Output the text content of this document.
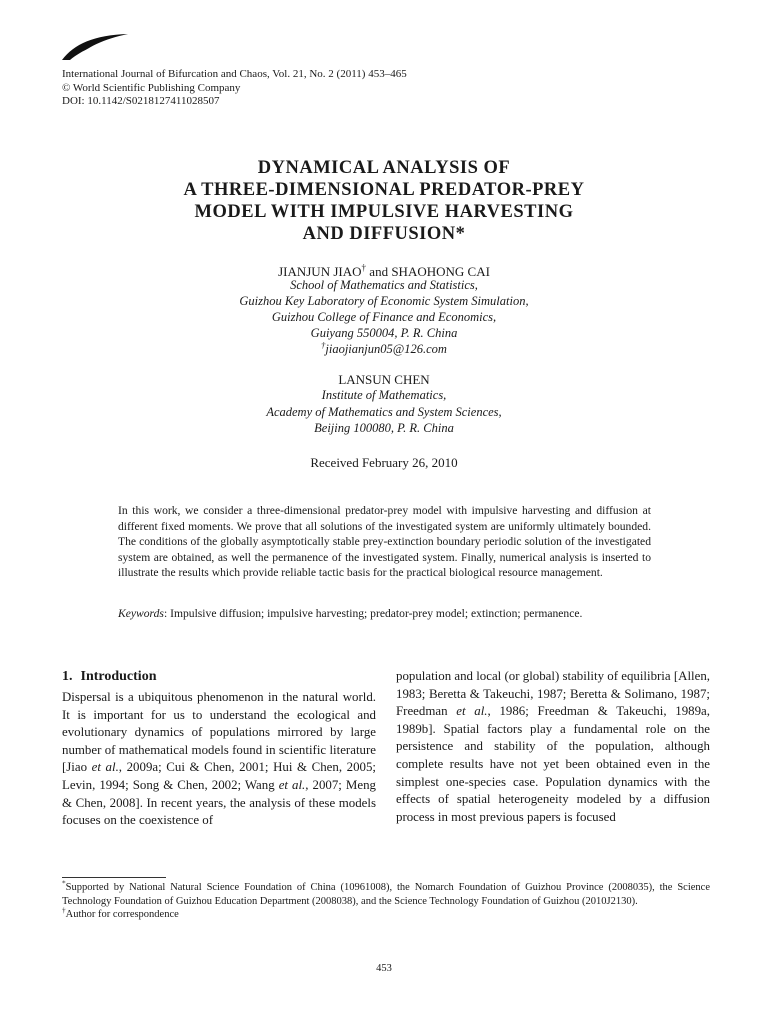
International Journal of Bifurcation and Chaos, Vol. 21, No. 2 (2011) 453–465
© World Scientific Publishing Company
DOI: 10.1142/S0218127411028507
DYNAMICAL ANALYSIS OF
A THREE-DIMENSIONAL PREDATOR-PREY
MODEL WITH IMPULSIVE HARVESTING
AND DIFFUSION*
JIANJUN JIAO† and SHAOHONG CAI
School of Mathematics and Statistics,
Guizhou Key Laboratory of Economic System Simulation,
Guizhou College of Finance and Economics,
Guiyang 550004, P. R. China
†jiaojianjun05@126.com
LANSUN CHEN
Institute of Mathematics,
Academy of Mathematics and System Sciences,
Beijing 100080, P. R. China
Received February 26, 2010
In this work, we consider a three-dimensional predator-prey model with impulsive harvesting and diffusion at different fixed moments. We prove that all solutions of the investigated system are uniformly ultimately bounded. The conditions of the globally asymptotically stable prey-extinction boundary periodic solution of the investigated system are obtained, as well the permanence of the investigated system. Finally, numerical analysis is inserted to illustrate the results which provide reliable tactic basis for the practical biological resource management.
Keywords: Impulsive diffusion; impulsive harvesting; predator-prey model; extinction; permanence.
1. Introduction
Dispersal is a ubiquitous phenomenon in the natural world. It is important for us to understand the ecological and evolutionary dynamics of populations mirrored by large number of mathematical models found in scientific literature [Jiao et al., 2009a; Cui & Chen, 2001; Hui & Chen, 2005; Levin, 1994; Song & Chen, 2002; Wang et al., 2007; Meng & Chen, 2008]. In recent years, the analysis of these models focuses on the coexistence of
population and local (or global) stability of equilibria [Allen, 1983; Beretta & Takeuchi, 1987; Beretta & Solimano, 1987; Freedman et al., 1986; Freedman & Takeuchi, 1989a, 1989b]. Spatial factors play a fundamental role on the persistence and stability of the population, although complete results have not yet been obtained even in the simplest one-species case. Population dynamics with the effects of spatial heterogeneity modeled by a diffusion process in most previous papers is focused
*Supported by National Natural Science Foundation of China (10961008), the Nomarch Foundation of Guizhou Province (2008035), the Science Technology Foundation of Guizhou Education Department (2008038), and the Science Technology Foundation of Guizhou (2010J2130).
†Author for correspondence
453
